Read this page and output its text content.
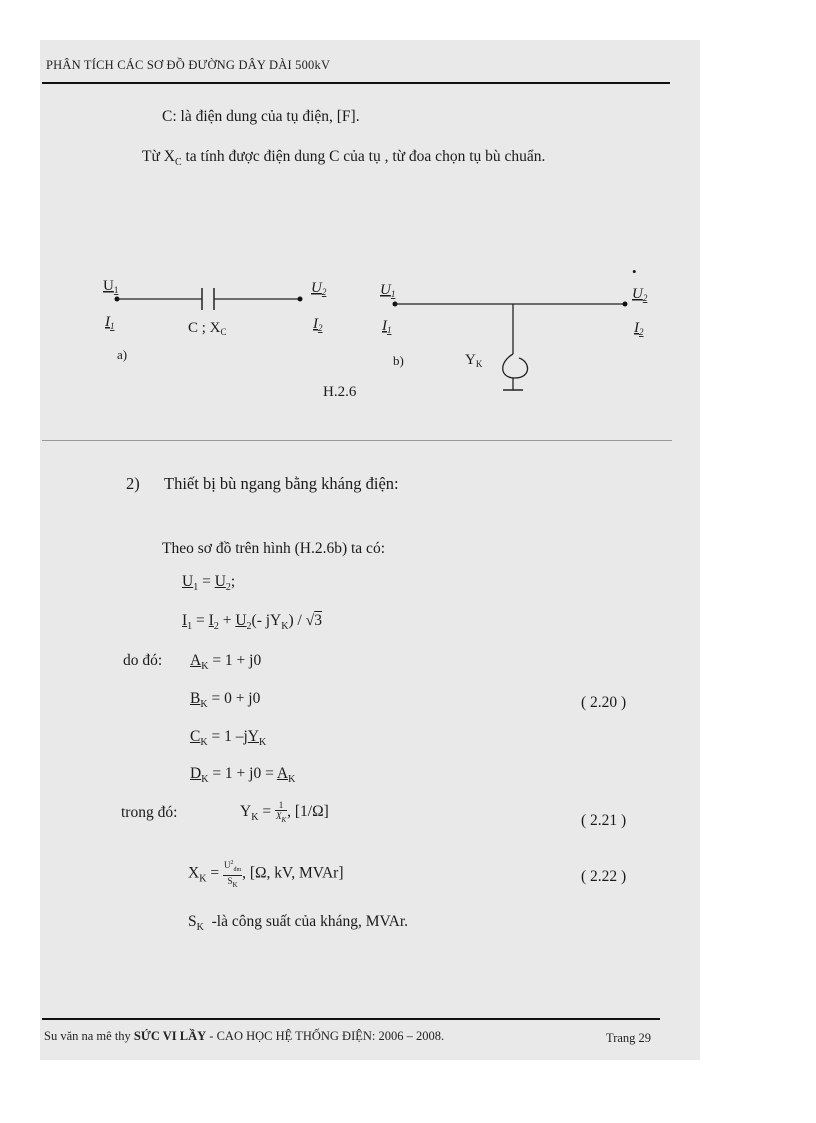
PHÂN TÍCH CÁC SƠ ĐỒ ĐƯỜNG DÂY DÀI 500kV
C: là điện dung của tụ điện, [F].
Từ $X_C$ ta tính được điện dung C của tụ , từ đoa chọn tụ bù chuẩn.
$U_1$
$I_1$
$U_2$
$I_2$
C ; $X_C$
a)
$U_1$
$I_1$
•
$U_2$
$I_2$
$Y_K$
b)
H.2.6
2) Thiết bị bù ngang bằng kháng điện:
Theo sơ đồ trên hình (H.2.6b) ta có:
$U_1 = U_2$;
$I_1 = I_2 + U_2(-$ $jY_K) / √3$
do đó: $A_K = 1 + j0$
$B_K = 0 + j0$	( 2.20 )
$C_K = 1$ $-jY_K$
$D_K = 1 + j0 = A_K$
trong đó:	$Y_K = \frac{1}{X_K}$ , [1/Ω]
( 2.21 )
$X_K = \frac{U^2_{đm}}{S_K}$ , [Ω, kV, MVAr]	( 2.22 )
$S_K$  -là công suất của kháng, MVAr.
Su văn na mê thy SỨC VI LẦY - CAO HỌC HỆ THỐNG ĐIỆN: 2006 – 2008.	Trang 29
